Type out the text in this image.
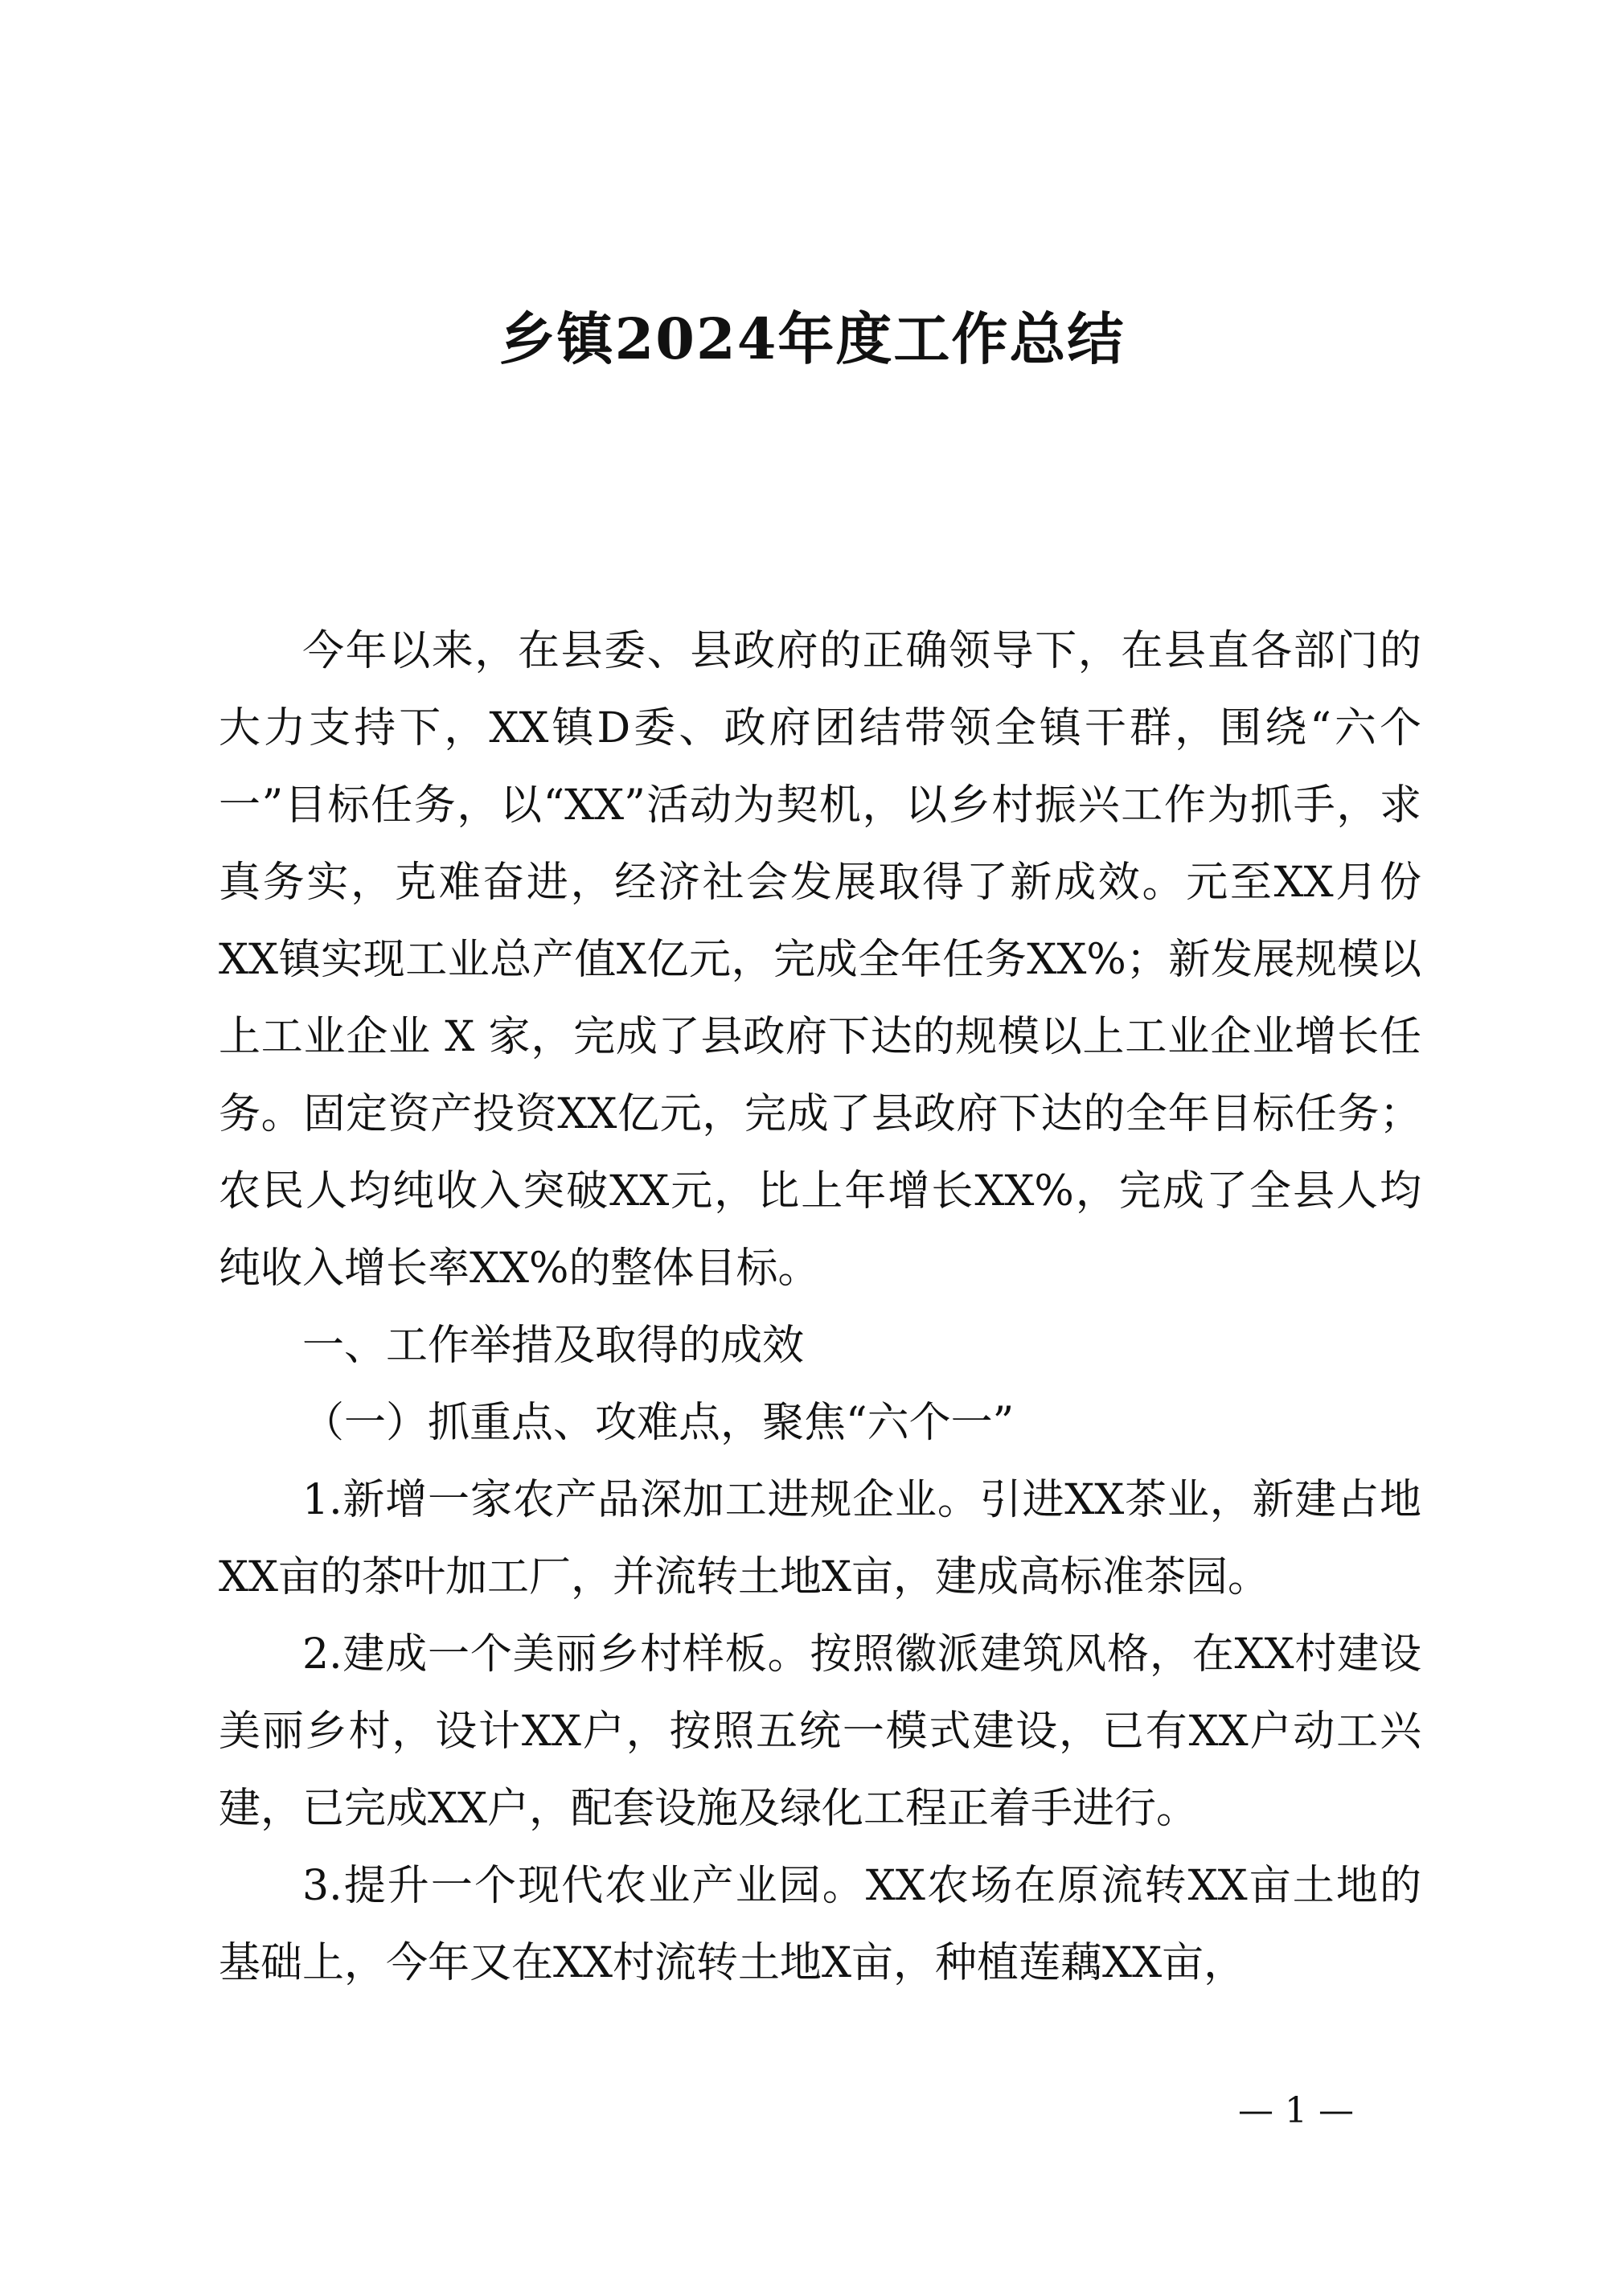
乡镇2024年度工作总结

今年以来，在县委、县政府的正确领导下，在县直各部门的大力支持下，XX镇D委、政府团结带领全镇干群，围绕“六个一”目标任务，以“XX”活动为契机，以乡村振兴工作为抓手，求真务实，克难奋进，经济社会发展取得了新成效。元至XX月份XX镇实现工业总产值X亿元，完成全年任务XX%；新发展规模以上工业企业 X 家，完成了县政府下达的规模以上工业企业增长任务。固定资产投资XX亿元，完成了县政府下达的全年目标任务；农民人均纯收入突破XX元，比上年增长XX%，完成了全县人均纯收入增长率XX%的整体目标。

一、工作举措及取得的成效

（一）抓重点、攻难点，聚焦“六个一”

1.新增一家农产品深加工进规企业。引进XX茶业，新建占地XX亩的茶叶加工厂，并流转土地X亩，建成高标准茶园。

2.建成一个美丽乡村样板。按照徽派建筑风格，在XX村建设美丽乡村，设计XX户，按照五统一模式建设，已有XX户动工兴建，已完成XX户，配套设施及绿化工程正着手进行。

3.提升一个现代农业产业园。XX农场在原流转XX亩土地的基础上，今年又在XX村流转土地X亩，种植莲藕XX亩，

— 1 —
